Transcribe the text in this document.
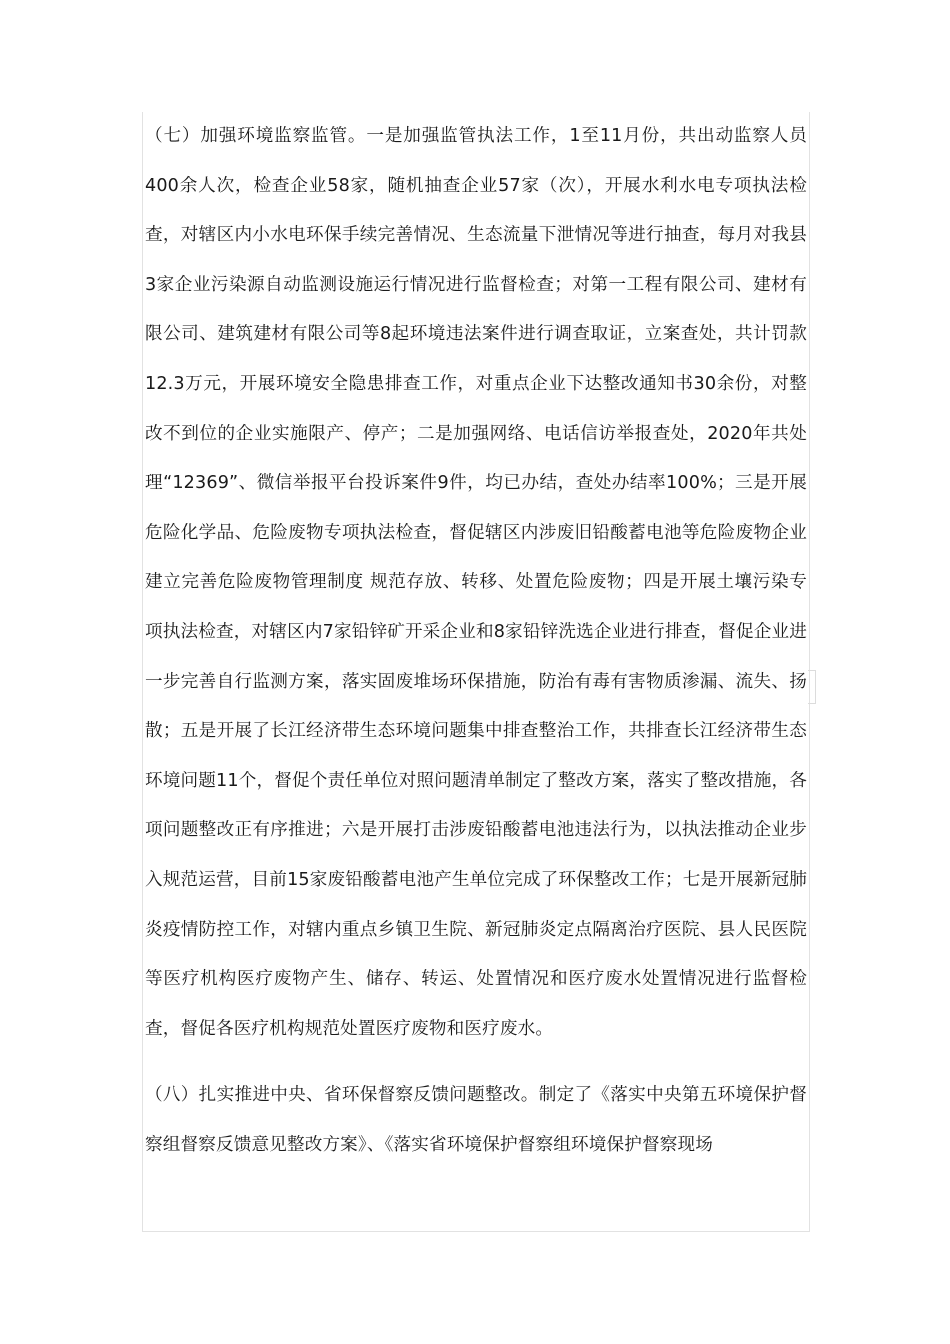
（七）加强环境监察监管。一是加强监管执法工作，1至11月份，共出动监察人员400余人次，检查企业58家，随机抽查企业57家（次），开展水利水电专项执法检查，对辖区内小水电环保手续完善情况、生态流量下泄情况等进行抽查，每月对我县3家企业污染源自动监测设施运行情况进行监督检查；对第一工程有限公司、建材有限公司、建筑建材有限公司等8起环境违法案件进行调查取证，立案查处，共计罚款12.3万元，开展环境安全隐患排查工作，对重点企业下达整改通知书30余份，对整改不到位的企业实施限产、停产；二是加强网络、电话信访举报查处，2020年共处理“12369”、微信举报平台投诉案件9件，均已办结，查处办结率100%；三是开展危险化学品、危险废物专项执法检查，督促辖区内涉废旧铅酸蓄电池等危险废物企业建立完善危险废物管理制度 规范存放、转移、处置危险废物；四是开展土壤污染专项执法检查，对辖区内7家铅锌矿开采企业和8家铅锌洗选企业进行排查，督促企业进一步完善自行监测方案，落实固废堆场环保措施，防治有毒有害物质渗漏、流失、扬散；五是开展了长江经济带生态环境问题集中排查整治工作，共排查长江经济带生态环境问题11个，督促个责任单位对照问题清单制定了整改方案，落实了整改措施，各项问题整改正有序推进；六是开展打击涉废铅酸蓄电池违法行为，以执法推动企业步入规范运营，目前15家废铅酸蓄电池产生单位完成了环保整改工作；七是开展新冠肺炎疫情防控工作，对辖内重点乡镇卫生院、新冠肺炎定点隔离治疗医院、县人民医院等医疗机构医疗废物产生、储存、转运、处置情况和医疗废水处置情况进行监督检查，督促各医疗机构规范处置医疗废物和医疗废水。

（八）扎实推进中央、省环保督察反馈问题整改。制定了《落实中央第五环境保护督察组督察反馈意见整改方案》、《落实省环境保护督察组环境保护督察现场
